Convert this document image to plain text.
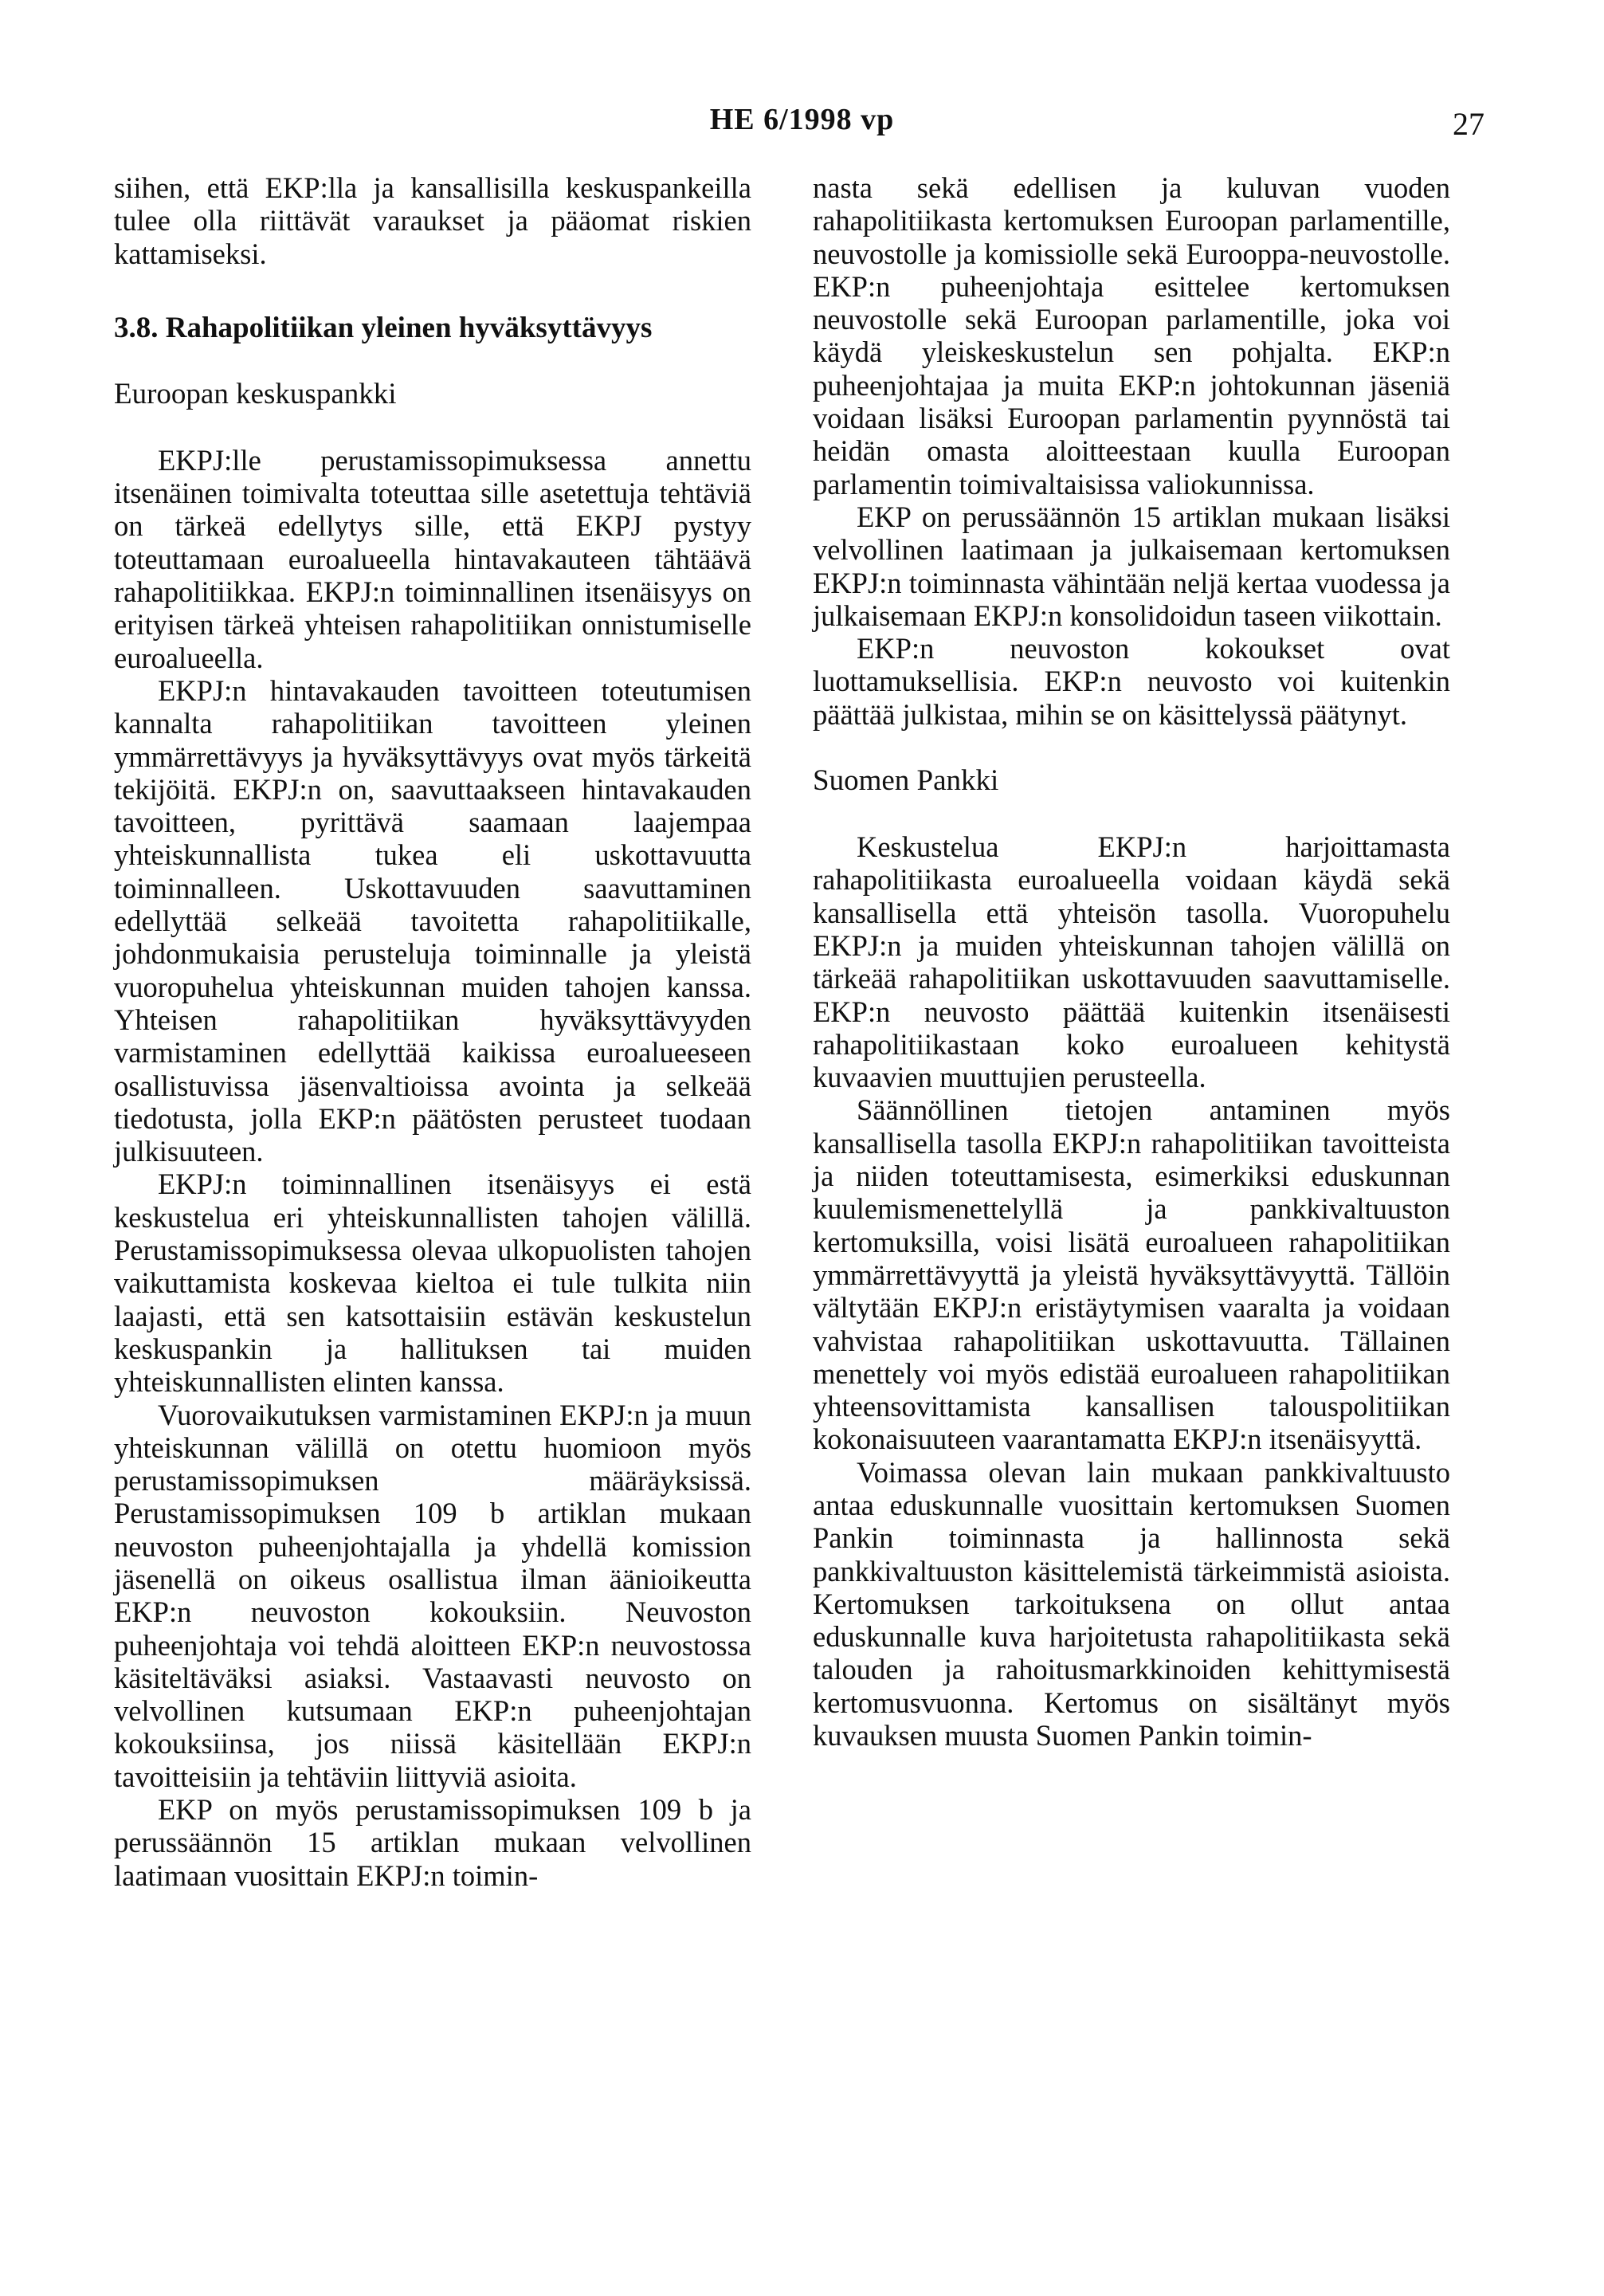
HE 6/1998 vp	27

siihen, että EKP:lla ja kansallisilla keskuspankeilla tulee olla riittävät varaukset ja pääomat riskien kattamiseksi.

3.8. Rahapolitiikan yleinen hyväksyttävyys
Euroopan keskuspankki

EKPJ:lle perustamissopimuksessa annettu itsenäinen toimivalta toteuttaa sille asetettuja tehtäviä on tärkeä edellytys sille, että EKPJ pystyy toteuttamaan euroalueella hintavakauteen tähtäävä rahapolitiikkaa. EKPJ:n toiminnallinen itsenäisyys on erityisen tärkeä yhteisen rahapolitiikan onnistumiselle euroalueella.

EKPJ:n hintavakauden tavoitteen toteutumisen kannalta rahapolitiikan tavoitteen yleinen ymmärrettävyys ja hyväksyttävyys ovat myös tärkeitä tekijöitä. EKPJ:n on, saavuttaakseen hintavakauden tavoitteen, pyrittävä saamaan laajempaa yhteiskunnallista tukea eli uskottavuutta toiminnalleen. Uskottavuuden saavuttaminen edellyttää selkeää tavoitetta rahapolitiikalle, johdonmukaisia perusteluja toiminnalle ja yleistä vuoropuhelua yhteiskunnan muiden tahojen kanssa. Yhteisen rahapolitiikan hyväksyttävyyden varmistaminen edellyttää kaikissa euroalueeseen osallistuvissa jäsenvaltioissa avointa ja selkeää tiedotusta, jolla EKP:n päätösten perusteet tuodaan julkisuuteen.

EKPJ:n toiminnallinen itsenäisyys ei estä keskustelua eri yhteiskunnallisten tahojen välillä. Perustamissopimuksessa olevaa ulkopuolisten tahojen vaikuttamista koskevaa kieltoa ei tule tulkita niin laajasti, että sen katsottaisiin estävän keskustelun keskuspankin ja hallituksen tai muiden yhteiskunnallisten elinten kanssa.

Vuorovaikutuksen varmistaminen EKPJ:n ja muun yhteiskunnan välillä on otettu huomioon myös perustamissopimuksen määräyksissä. Perustamissopimuksen 109 b artiklan mukaan neuvoston puheenjohtajalla ja yhdellä komission jäsenellä on oikeus osallistua ilman äänioikeutta EKP:n neuvoston kokouksiin. Neuvoston puheenjohtaja voi tehdä aloitteen EKP:n neuvostossa käsiteltäväksi asiaksi. Vastaavasti neuvosto on velvollinen kutsumaan EKP:n puheenjohtajan kokouksiinsa, jos niissä käsitellään EKPJ:n tavoitteisiin ja tehtäviin liittyviä asioita.

EKP on myös perustamissopimuksen 109 b ja perussäännön 15 artiklan mukaan velvollinen laatimaan vuosittain EKPJ:n toimin-

nasta sekä edellisen ja kuluvan vuoden rahapolitiikasta kertomuksen Euroopan parlamentille, neuvostolle ja komissiolle sekä Eurooppa-neuvostolle. EKP:n puheenjohtaja esittelee kertomuksen neuvostolle sekä Euroopan parlamentille, joka voi käydä yleiskeskustelun sen pohjalta. EKP:n puheenjohtajaa ja muita EKP:n johtokunnan jäseniä voidaan lisäksi Euroopan parlamentin pyynnöstä tai heidän omasta aloitteestaan kuulla Euroopan parlamentin toimivaltaisissa valiokunnissa.

EKP on perussäännön 15 artiklan mukaan lisäksi velvollinen laatimaan ja julkaisemaan kertomuksen EKPJ:n toiminnasta vähintään neljä kertaa vuodessa ja julkaisemaan EKPJ:n konsolidoidun taseen viikottain.

EKP:n neuvoston kokoukset ovat luottamuksellisia. EKP:n neuvosto voi kuitenkin päättää julkistaa, mihin se on käsittelyssä päätynyt.

Suomen Pankki

Keskustelua EKPJ:n harjoittamasta rahapolitiikasta euroalueella voidaan käydä sekä kansallisella että yhteisön tasolla. Vuoropuhelu EKPJ:n ja muiden yhteiskunnan tahojen välillä on tärkeää rahapolitiikan uskottavuuden saavuttamiselle. EKP:n neuvosto päättää kuitenkin itsenäisesti rahapolitiikastaan koko euroalueen kehitystä kuvaavien muuttujien perusteella.

Säännöllinen tietojen antaminen myös kansallisella tasolla EKPJ:n rahapolitiikan tavoitteista ja niiden toteuttamisesta, esimerkiksi eduskunnan kuulemismenettelyllä ja pankkivaltuuston kertomuksilla, voisi lisätä euroalueen rahapolitiikan ymmärrettävyyttä ja yleistä hyväksyttävyyttä. Tällöin vältytään EKPJ:n eristäytymisen vaaralta ja voidaan vahvistaa rahapolitiikan uskottavuutta. Tällainen menettely voi myös edistää euroalueen rahapolitiikan yhteensovittamista kansallisen talouspolitiikan kokonaisuuteen vaarantamatta EKPJ:n itsenäisyyttä.

Voimassa olevan lain mukaan pankkivaltuusto antaa eduskunnalle vuosittain kertomuksen Suomen Pankin toiminnasta ja hallinnosta sekä pankkivaltuuston käsittelemistä tärkeimmistä asioista. Kertomuksen tarkoituksena on ollut antaa eduskunnalle kuva harjoitetusta rahapolitiikasta sekä talouden ja rahoitusmarkkinoiden kehittymisestä kertomusvuonna. Kertomus on sisältänyt myös kuvauksen muusta Suomen Pankin toimin-
